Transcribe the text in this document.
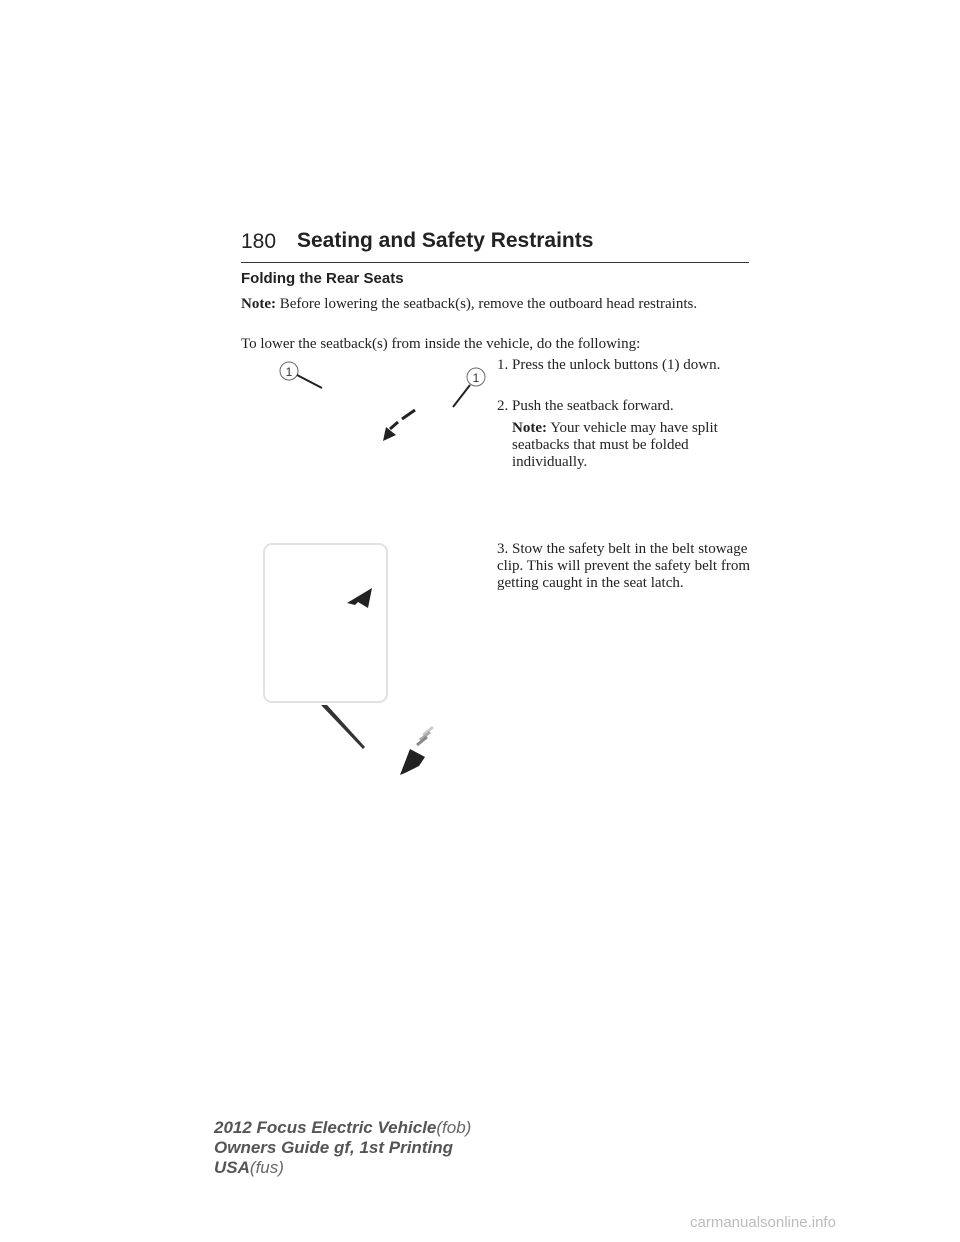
180 Seating and Safety Restraints
Folding the Rear Seats
Note: Before lowering the seatback(s), remove the outboard head restraints.
To lower the seatback(s) from inside the vehicle, do the following:
1	1
1. Press the unlock buttons (1) down.
2. Push the seatback forward.
Note: Your vehicle may have split seatbacks that must be folded individually.
3. Stow the safety belt in the belt stowage clip. This will prevent the safety belt from getting caught in the seat latch.
2012 Focus Electric Vehicle(fob)
Owners Guide gf, 1st Printing
USA(fus)
carmanualsonline.info
